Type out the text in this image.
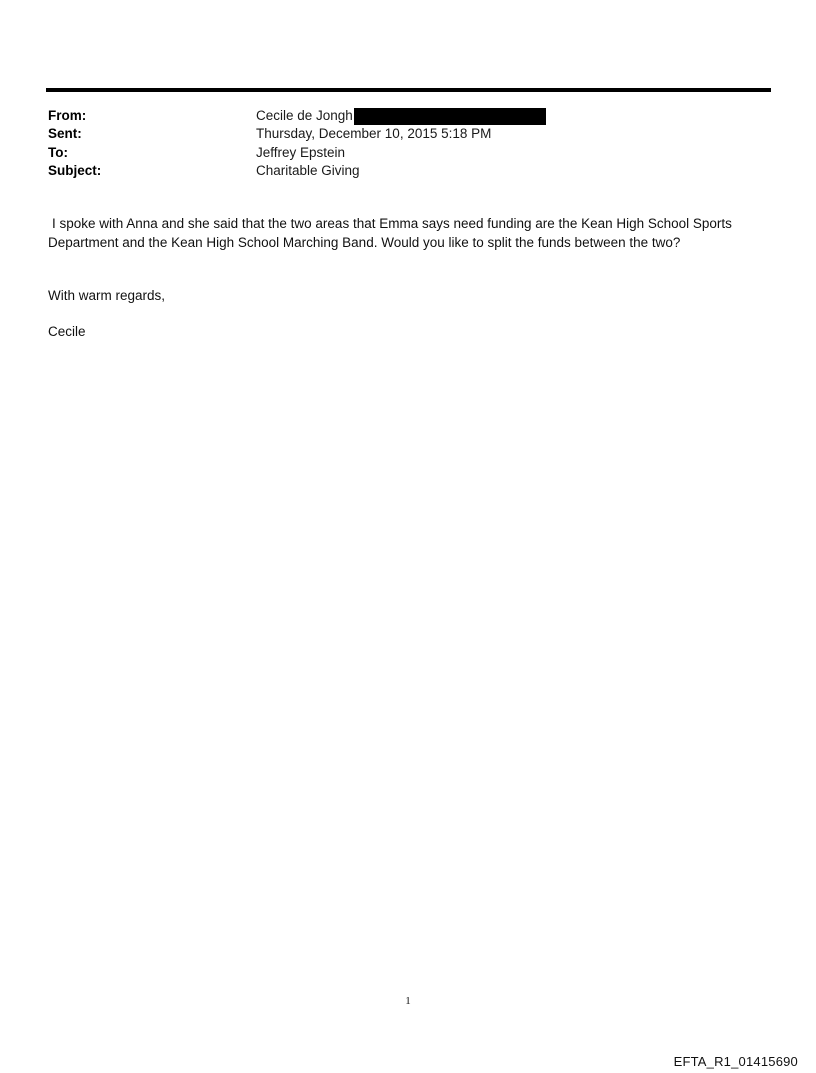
From:	Cecile de Jongh
Sent:	Thursday, December 10, 2015 5:18 PM
To:	Jeffrey Epstein
Subject:	Charitable Giving

I spoke with Anna and she said that the two areas that Emma says need funding are the Kean High School Sports

Department and the Kean High School Marching Band. Would you like to split the funds between the two?

With warm regards,
Cecile
1
EFTA_R1_01415690
